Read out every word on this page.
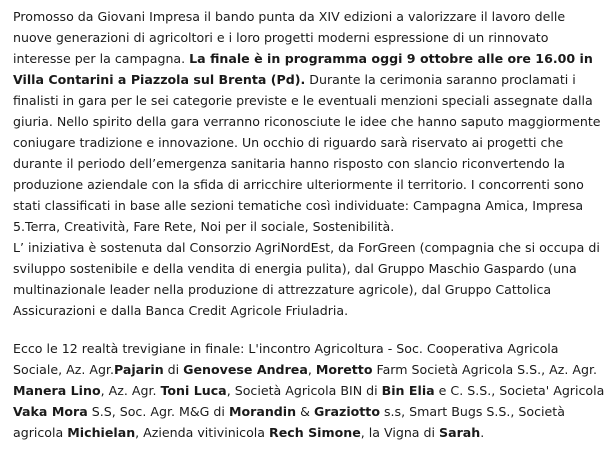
Promosso da Giovani Impresa il bando punta da XIV edizioni a valorizzare il lavoro delle nuove generazioni di agricoltori e i loro progetti moderni espressione di un rinnovato interesse per la campagna. La finale è in programma oggi 9 ottobre alle ore 16.00 in Villa Contarini a Piazzola sul Brenta (Pd). Durante la cerimonia saranno proclamati i finalisti in gara per le sei categorie previste e le eventuali menzioni speciali assegnate dalla giuria. Nello spirito della gara verranno riconosciute le idee che hanno saputo maggiormente coniugare tradizione e innovazione. Un occhio di riguardo sarà riservato ai progetti che durante il periodo dell’emergenza sanitaria hanno risposto con slancio riconvertendo la produzione aziendale con la sfida di arricchire ulteriormente il territorio. I concorrenti sono stati classificati in base alle sezioni tematiche così individuate: Campagna Amica, Impresa 5.Terra, Creatività, Fare Rete, Noi per il sociale, Sostenibilità.
L’ iniziativa è sostenuta dal Consorzio AgriNordEst, da ForGreen (compagnia che si occupa di sviluppo sostenibile e della vendita di energia pulita), dal Gruppo Maschio Gaspardo (una multinazionale leader nella produzione di attrezzature agricole), dal Gruppo Cattolica Assicurazioni e dalla Banca Credit Agricole Friuladria.

Ecco le 12 realtà trevigiane in finale: L'incontro Agricoltura - Soc. Cooperativa Agricola Sociale, Az. Agr.Pajarin di Genovese Andrea, Moretto Farm Società Agricola S.S., Az. Agr. Manera Lino, Az. Agr. Toni Luca, Società Agricola BIN di Bin Elia e C. S.S., Societa' Agricola Vaka Mora S.S, Soc. Agr. M&G di Morandin & Graziotto s.s, Smart Bugs S.S., Società agricola Michielan, Azienda vitivinicola Rech Simone, la Vigna di Sarah.
